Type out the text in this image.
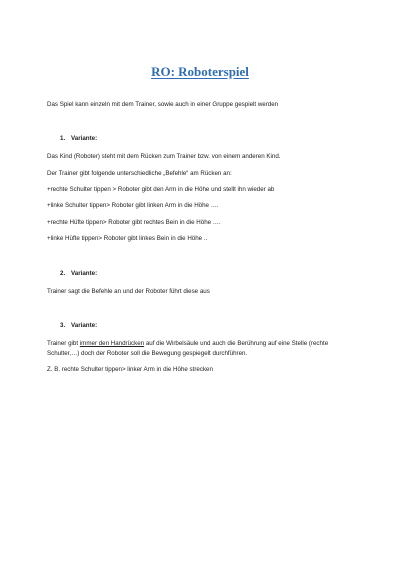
RO: Roboterspiel

Das Spiel kann einzeln mit dem Trainer, sowie auch in einer Gruppe gespielt werden

1. Variante:

Das Kind (Roboter) steht mit dem Rücken zum Trainer bzw. von einem anderen Kind.

Der Trainer gibt folgende unterschiedliche „Befehle“ am Rücken an:

+rechte Schulter tippen > Roboter gibt den Arm in die Höhe und stellt ihn wieder ab

+linke Schulter tippen> Roboter gibt linken Arm in die Höhe ….

+rechte Hüfte tippen> Roboter gibt rechtes Bein in die Höhe ….

+linke Hüfte tippen> Roboter gibt linkes Bein in die Höhe ..

2. Variante:

Trainer sagt die Befehle an und der Roboter führt diese aus

3. Variante:

Trainer gibt immer den Handrücken auf die Wirbelsäule und auch die Berührung auf eine Stelle (rechte Schulter,…) doch der Roboter soll die Bewegung gespiegelt durchführen.

Z. B. rechte Schulter tippen> linker Arm in die Höhe strecken
